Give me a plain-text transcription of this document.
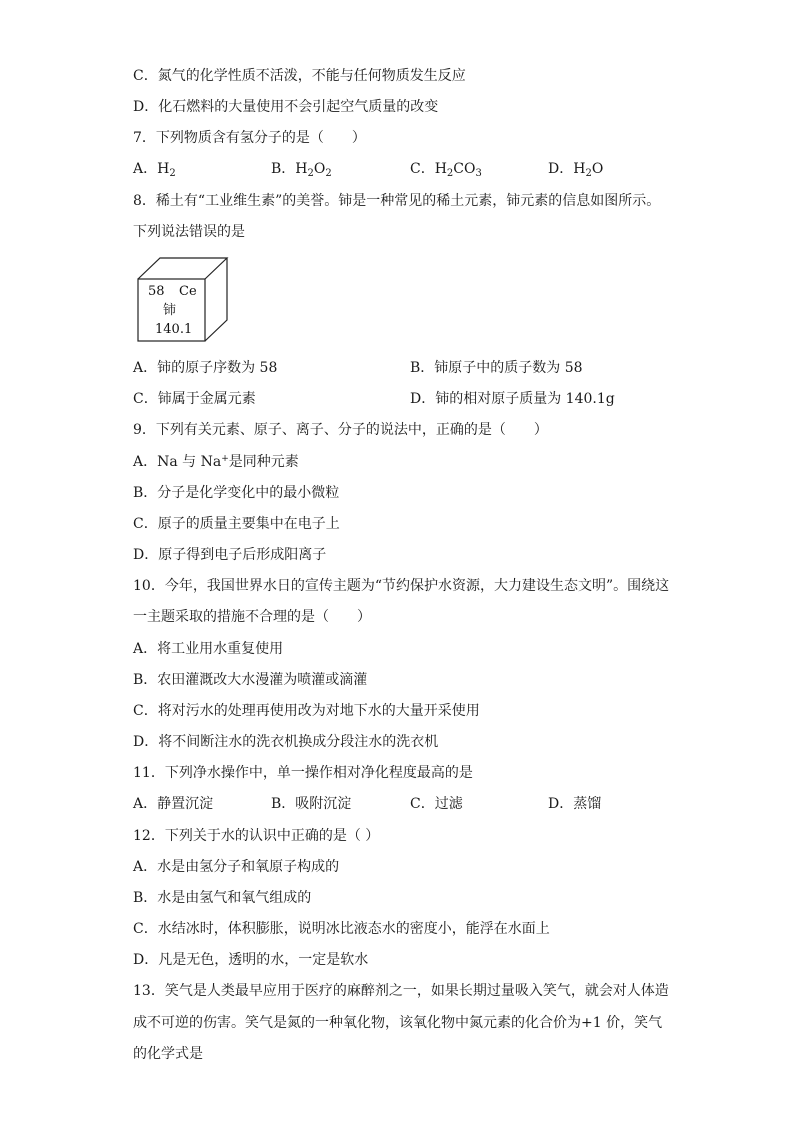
C．氮气的化学性质不活泼，不能与任何物质发生反应
D．化石燃料的大量使用不会引起空气质量的改变
7．下列物质含有氢分子的是（　　）
A．$H_2$	B．$H_2O_2$	C．$H_2CO_3$	D．$H_2O$
8．稀土有“工业维生素”的美誉。铈是一种常见的稀土元素，铈元素的信息如图所示。
下列说法错误的是
58 Ce
铈
140.1
A．铈的原子序数为 58	B．铈原子中的质子数为 58
C．铈属于金属元素	D．铈的相对原子质量为 140.1g
9．下列有关元素、原子、离子、分子的说法中，正确的是（　　）
A．Na 与 Na+是同种元素
B．分子是化学变化中的最小微粒
C．原子的质量主要集中在电子上
D．原子得到电子后形成阳离子
10．今年，我国世界水日的宣传主题为“节约保护水资源，大力建设生态文明”。围绕这
一主题采取的措施不合理的是（　　）
A．将工业用水重复使用
B．农田灌溉改大水漫灌为喷灌或滴灌
C．将对污水的处理再使用改为对地下水的大量开采使用
D．将不间断注水的洗衣机换成分段注水的洗衣机
11．下列净水操作中，单一操作相对净化程度最高的是
A．静置沉淀	B．吸附沉淀	C．过滤	D．蒸馏
12．下列关于水的认识中正确的是（ ）
A．水是由氢分子和氧原子构成的
B．水是由氢气和氧气组成的
C．水结冰时，体积膨胀，说明冰比液态水的密度小，能浮在水面上
D．凡是无色，透明的水，一定是软水
13．笑气是人类最早应用于医疗的麻醉剂之一，如果长期过量吸入笑气，就会对人体造
成不可逆的伤害。笑气是氮的一种氧化物，该氧化物中氮元素的化合价为+1 价，笑气
的化学式是
